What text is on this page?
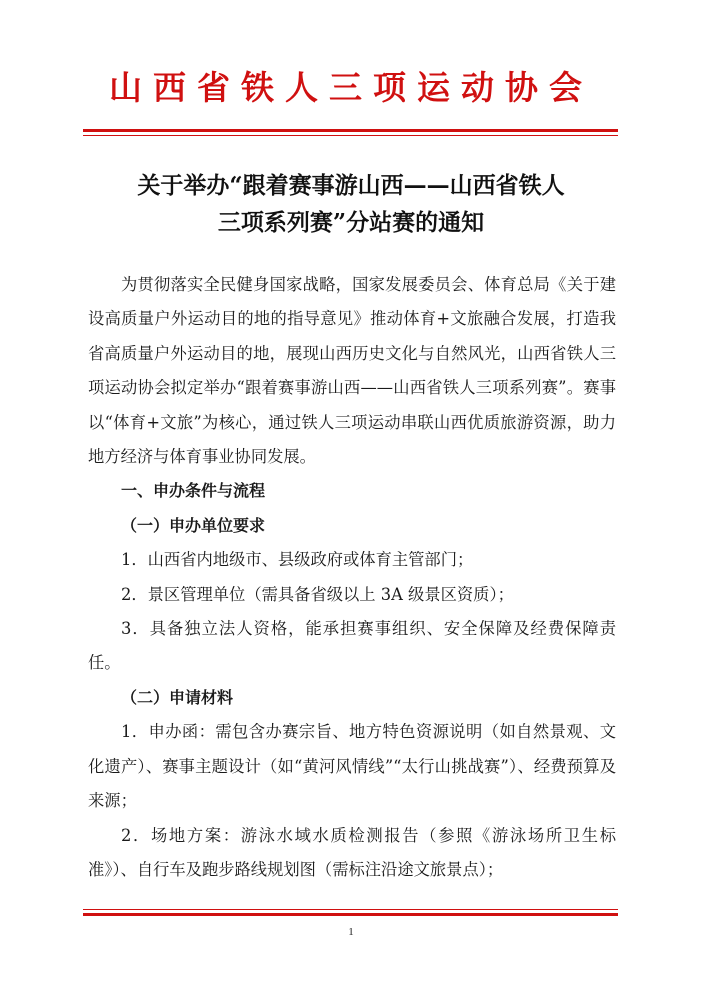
山西省铁人三项运动协会
关于举办“跟着赛事游山西——山西省铁人
三项系列赛”分站赛的通知
为贯彻落实全民健身国家战略，国家发展委员会、体育总局《关于建设高质量户外运动目的地的指导意见》推动体育+文旅融合发展，打造我省高质量户外运动目的地，展现山西历史文化与自然风光，山西省铁人三项运动协会拟定举办“跟着赛事游山西——山西省铁人三项系列赛”。赛事以“体育+文旅”为核心，通过铁人三项运动串联山西优质旅游资源，助力地方经济与体育事业协同发展。
一、申办条件与流程
（一）申办单位要求
1．山西省内地级市、县级政府或体育主管部门；
2．景区管理单位（需具备省级以上 3A 级景区资质）；
3．具备独立法人资格，能承担赛事组织、安全保障及经费保障责任。
（二）申请材料
1．申办函：需包含办赛宗旨、地方特色资源说明（如自然景观、文化遗产）、赛事主题设计（如“黄河风情线”“太行山挑战赛”）、经费预算及来源；
2．场地方案：游泳水域水质检测报告（参照《游泳场所卫生标准》）、自行车及跑步路线规划图（需标注沿途文旅景点）；
1
